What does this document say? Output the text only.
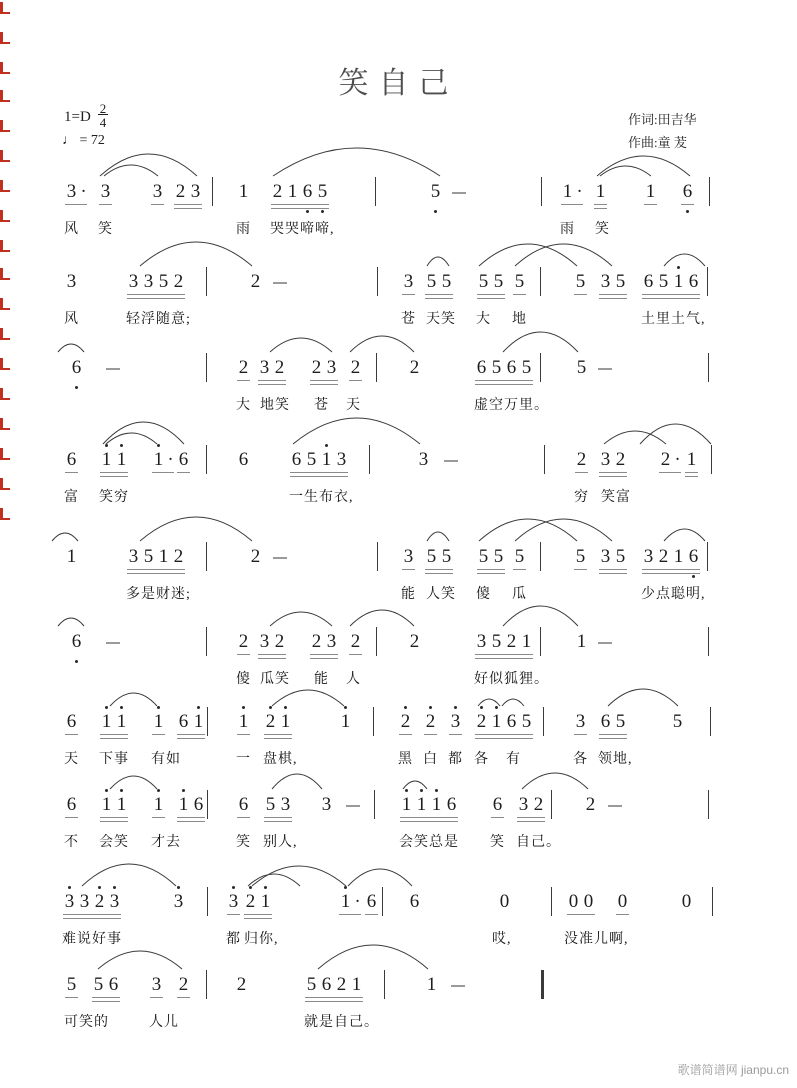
笑自己
$1=D \frac{2}{4}$
♩ = 72
作词:田吉华
作曲:童 茇
3 · 3 3 2 3 1 2 1 6 5	5	1 · 1 1 6
风 笑	雨 哭哭啼啼,	雨 笑
3	3 3 5 2	2	3 5 5 5 5 5	5 3 5 6 5 1 6
风	轻浮随意;	苍 天笑 大 地	土里土气,
6	2 3 2 2 3 2	2	6 5 6 5 5
大 地笑 苍 天	虚空万里。
6 1 1 1 · 6	6 6 5 1 3	3	2 3 2 2 · 1
富 笑穷	一生布衣,	穷 笑富
1	3 5 1 2	2	3 5 5 5 5 5	5 3 5 3 2 1 6
多是财迷;	能 人笑 傻 瓜	少点聪明,
6	2 3 2 2 3 2	2	3 5 2 1 1
傻 瓜笑 能 人	好似狐狸。
6 1 1 1 6 1 1 2 1	1	2 2 3 2 1 6 5 3 6 5	5
天 下事 有如	一 盘棋,	黑 白 都 各 有	各 领地,
6 1 1 1 1 6 6 5 3 3	1 1 1 6 6 3 2 2
不 会笑 才去	笑 别人,	会笑总是 笑 自己。
3 3 2 3	3 3 2 1	1 · 6 6	0	0 0 0	0
难说好事	都 归你,	哎,	没准儿啊,
5 5 6 3 2	2	5 6 2 1	1
可笑的	人儿	就是自己。
歌谱简谱网 jianpu.cn
